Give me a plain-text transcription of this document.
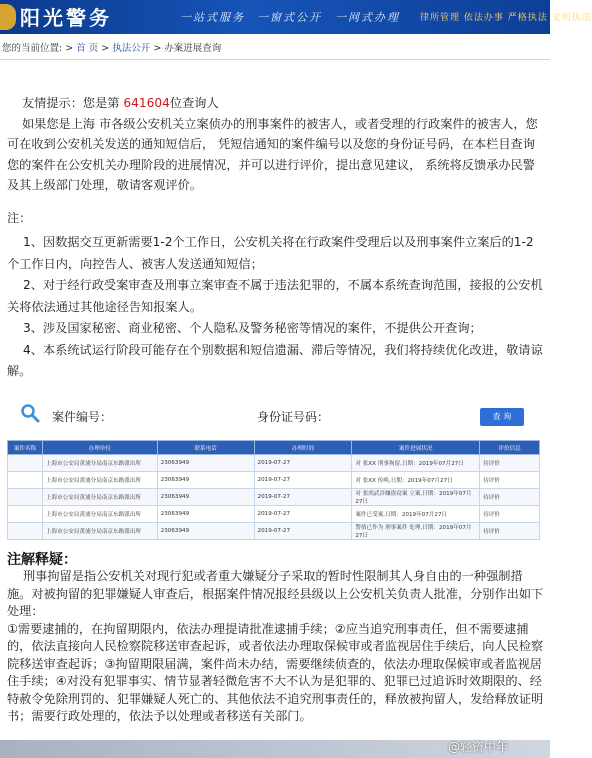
阳光警务	一站式服务 一窗式公开 一网式办理 律所管理 依法办事 严格执法 文明执法
您的当前位置: > 首 页 > 执法公开 > 办案进展查询

友情提示：您是第 641604位查询人

如果您是上海 市各级公安机关立案侦办的刑事案件的被害人，或者受理的行政案件的被害人，您可在收到公安机关发送的通知短信后， 凭短信通知的案件编号以及您的身份证号码，在本栏目查询您的案件在公安机关办理阶段的进展情况，并可以进行评价，提出意见建议， 系统将反馈承办民警及其上级部门处理，敬请客观评价。

注：

1、因数据交互更新需要1-2个工作日，公安机关将在行政案件受理后以及刑事案件立案后的1-2个工作日内，向控告人、被害人发送通知短信；

2、对于经行政受案审查及刑事立案审查不属于违法犯罪的，不属本系统查询范围，接报的公安机关将依法通过其他途径告知报案人。

3、涉及国家秘密、商业秘密、个人隐私及警务秘密等情况的案件，不提供公开查询；

4、本系统试运行阶段可能存在个别数据和短信遗漏、滞后等情况，我们将持续优化改进，敬请谅解。

案件编号：	身份证号码：	查 询
案件名称	办理单位	联系电话	办理时间	案件进展状况	评价信息
	上海市公安局黄浦分局南京东路派出所	23063949	2019-07-27	对 张XX 刑事拘留,日期：2019年07月27日	待评价
	上海市公安局黄浦分局南京东路派出所	23063949	2019-07-27	对 张XX 传唤,日期：2019年07月27日	待评价
	上海市公安局黄浦分局南京东路派出所	23063949	2019-07-27	对 张尚武涉嫌盗窃案 立案,日期：2019年07月27日	待评价
	上海市公安局黄浦分局南京东路派出所	23063949	2019-07-27	案件已受案,日期：2019年07月27日	待评价
	上海市公安局黄浦分局南京东路派出所	23063949	2019-07-27	警情已作为 刑事案件 处理,日期：2019年07月27日	待评价
注解释疑：

刑事拘留是指公安机关对现行犯或者重大嫌疑分子采取的暂时性限制其人身自由的一种强制措施。对被拘留的犯罪嫌疑人审查后，根据案件情况报经县级以上公安机关负责人批准，分别作出如下处理：

①需要逮捕的，在拘留期限内，依法办理提请批准逮捕手续；②应当追究刑事责任，但不需要逮捕的，依法直接向人民检察院移送审查起诉，或者依法办理取保候审或者监视居住手续后，向人民检察院移送审查起诉；③拘留期限届满，案件尚未办结，需要继续侦查的，依法办理取保候审或者监视居住手续；④对没有犯罪事实、情节显著轻微危害不大不认为是犯罪的、犯罪已过追诉时效期限的、经特赦令免除刑罚的、犯罪嫌疑人死亡的、其他依法不追究刑事责任的，释放被拘留人，发给释放证明书；需要行政处理的，依法予以处理或者移送有关部门。

@轻资中年
